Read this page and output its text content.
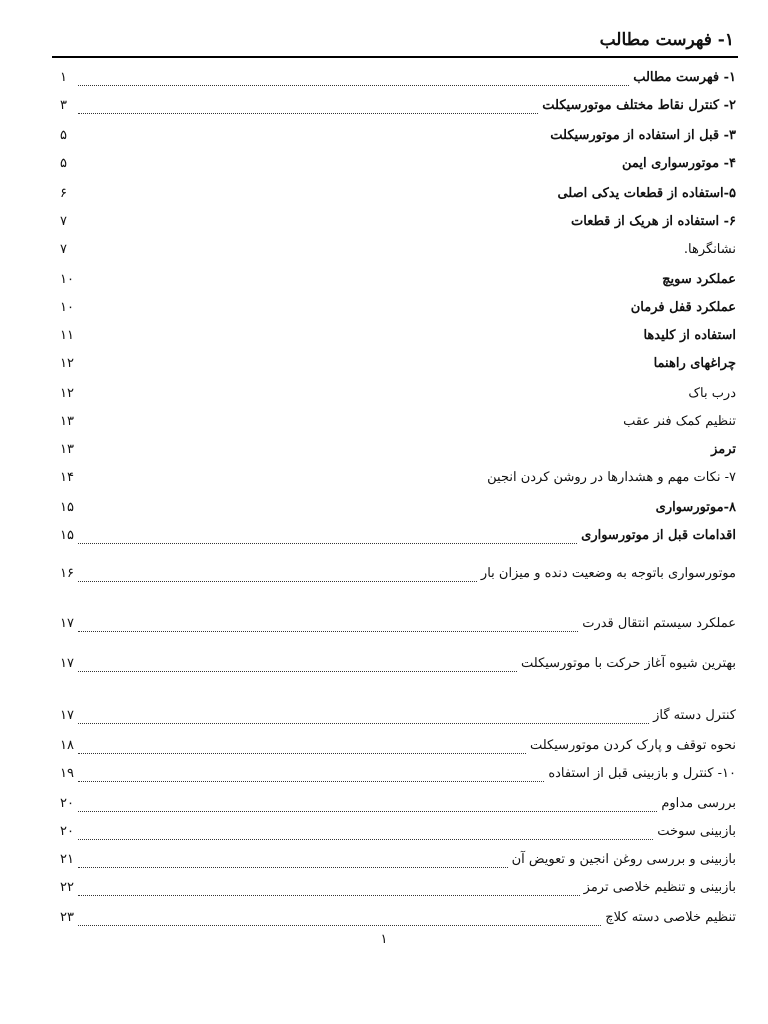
۱- فهرست مطالب
۱- فهرست مطالب
۱
۲- کنترل نقاط مختلف موتورسیکلت
۳
۳- قبل از استفاده از موتورسیکلت
۵
۴- موتورسواری ایمن
۵
۵-استفاده از قطعات یدکی اصلی
۶
۶- استفاده از هریک از قطعات
۷
نشانگرها.
۷
عملکرد سویچ
۱۰
عملکرد قفل فرمان
۱۰
استفاده از کلیدها
۱۱
چراغهای راهنما
۱۲
درب باک
۱۲
تنظیم کمک فنر عقب
۱۳
ترمز
۱۳
۷- نکات مهم و هشدارها در روشن کردن انجین
۱۴
۸-موتورسواری
۱۵
اقدامات قبل از موتورسواری
۱۵
موتورسواری باتوجه به وضعیت دنده و میزان بار
۱۶
عملکرد سیستم انتقال قدرت
۱۷
بهترین شیوه آغاز حرکت با موتورسیکلت
۱۷
کنترل دسته گاز
۱۷
نحوه توقف و پارک کردن موتورسیکلت
۱۸
۱۰- کنترل و بازبینی قبل از استفاده
۱۹
بررسی مداوم
۲۰
بازبینی سوخت
۲۰
بازبینی و بررسی روغن انجین و تعویض آن
۲۱
بازبینی و تنظیم خلاصی ترمز
۲۲
تنظیم خلاصی دسته کلاچ
۲۳
۱
